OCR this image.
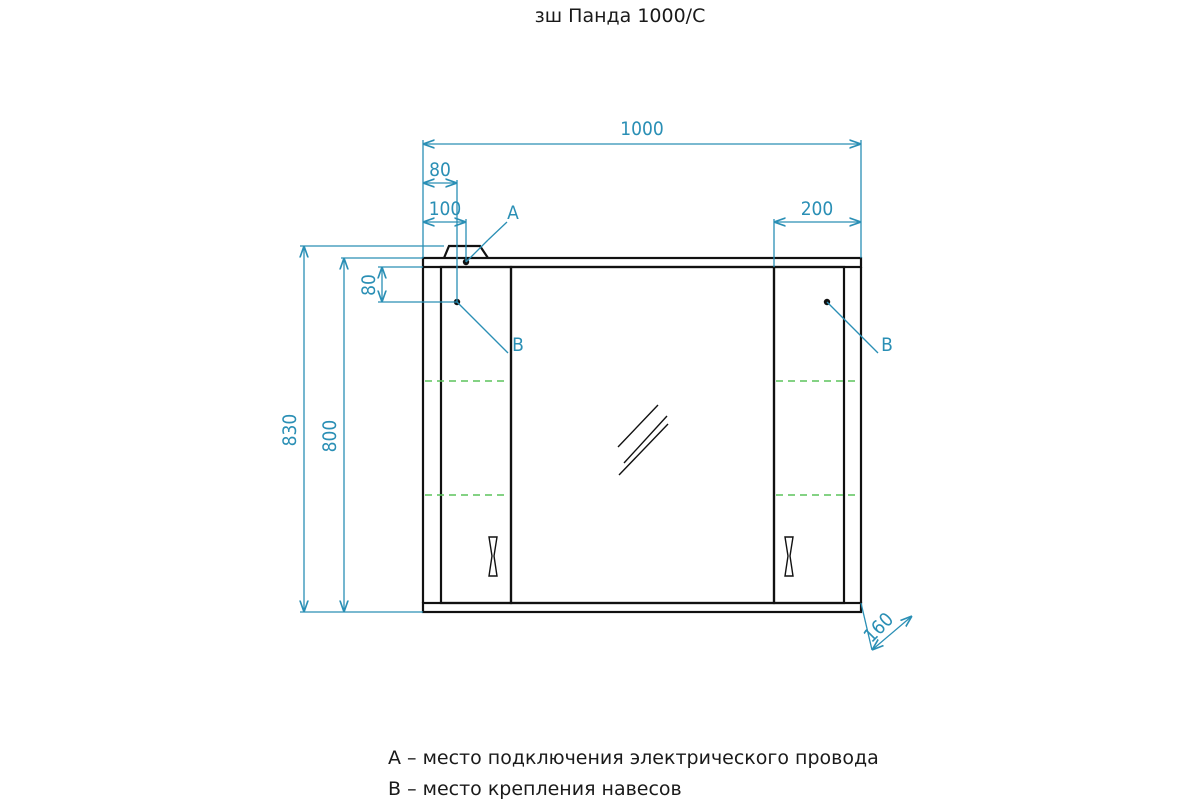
зш Панда 1000/С
1000
80
100	200
830 800
80
160
A
B	B
А – место подключения электрического провода
В – место крепления навесов
